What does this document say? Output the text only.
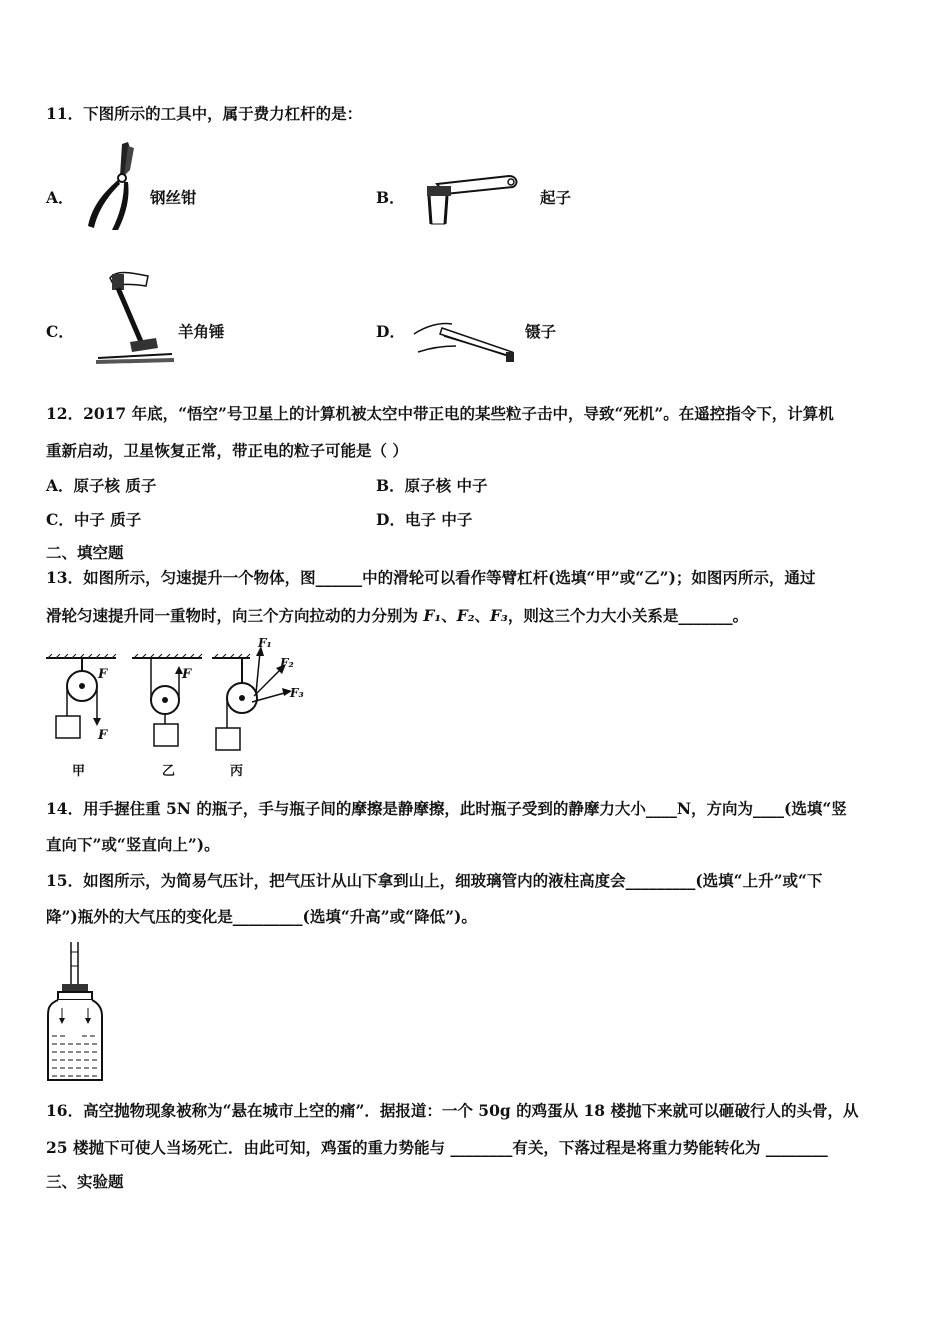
11．下图所示的工具中，属于费力杠杆的是：
A．	钢丝钳	B．	起子
C．	羊角锤	D．	镊子
12．2017 年底，“悟空”号卫星上的计算机被太空中带正电的某些粒子击中，导致“死机”。在遥控指令下，计算机
重新启动，卫星恢复正常，带正电的粒子可能是（ ）
A．原子核 质子	B．原子核 中子
C．中子 质子	D．电子 中子
二、填空题
13．如图所示，匀速提升一个物体，图______中的滑轮可以看作等臂杠杆(选填“甲”或“乙”)；如图丙所示，通过
滑轮匀速提升同一重物时，向三个方向拉动的力分别为 F₁、F₂、F₃，则这三个力大小关系是_______。
F	F
F
F₁
F₂
F₃
甲	乙	丙
14．用手握住重 5N 的瓶子，手与瓶子间的摩擦是静摩擦，此时瓶子受到的静摩力大小____N，方向为____(选填“竖
直向下”或“竖直向上”)。
15．如图所示，为简易气压计，把气压计从山下拿到山上，细玻璃管内的液柱高度会_________(选填“上升”或“下
降”)瓶外的大气压的变化是_________(选填“升高”或“降低”)。
16．高空抛物现象被称为“悬在城市上空的痛”．据报道：一个 50g 的鸡蛋从 18 楼抛下来就可以砸破行人的头骨，从
25 楼抛下可使人当场死亡．由此可知，鸡蛋的重力势能与 ________有关，下落过程是将重力势能转化为 ________
三、实验题
